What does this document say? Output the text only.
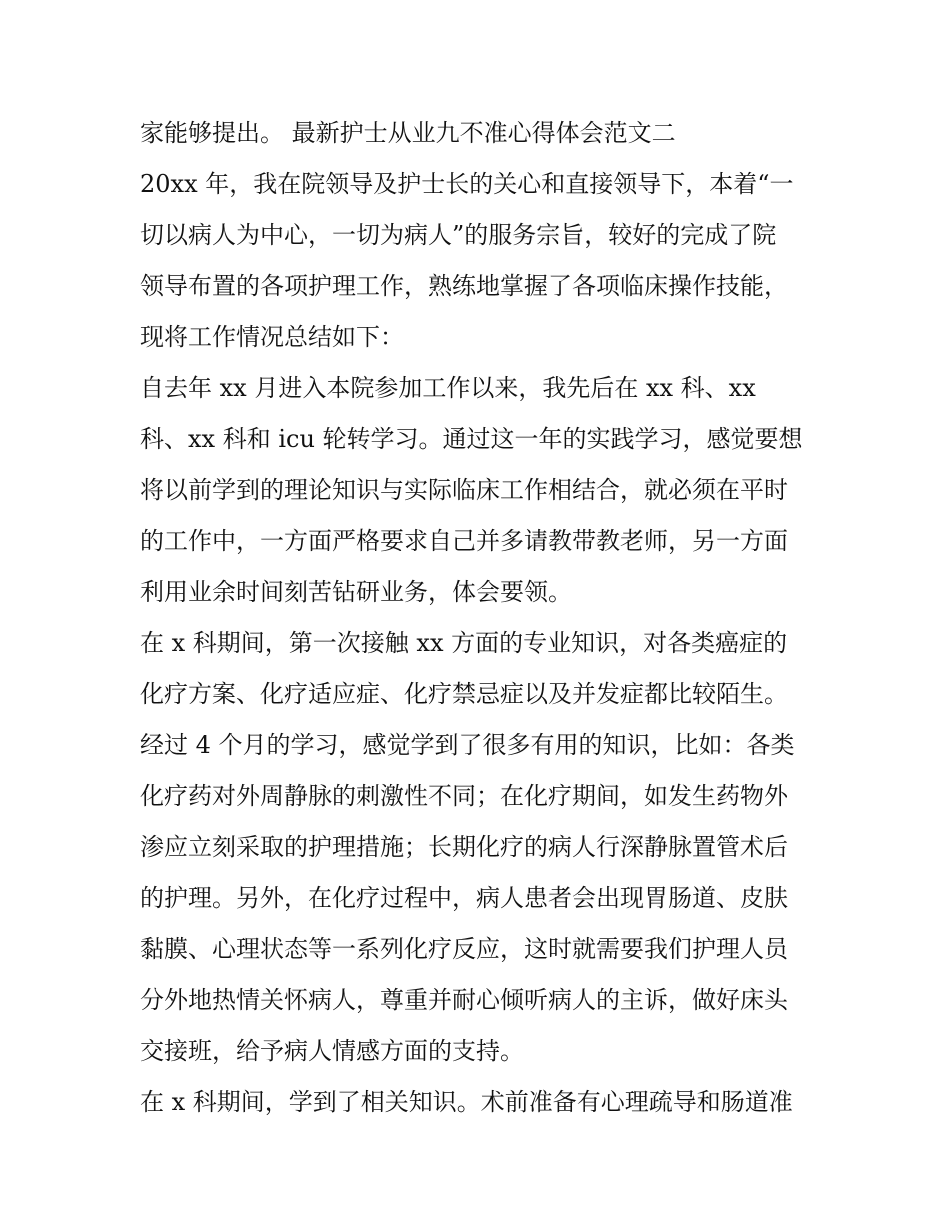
家能够提出。 最新护士从业九不准心得体会范文二
20xx 年，我在院领导及护士长的关心和直接领导下，本着“一
切以病人为中心，一切为病人”的服务宗旨，较好的完成了院
领导布置的各项护理工作，熟练地掌握了各项临床操作技能，
现将工作情况总结如下：
自去年 xx 月进入本院参加工作以来，我先后在 xx 科、xx
科、xx 科和 icu 轮转学习。通过这一年的实践学习，感觉要想
将以前学到的理论知识与实际临床工作相结合，就必须在平时
的工作中，一方面严格要求自己并多请教带教老师，另一方面
利用业余时间刻苦钻研业务，体会要领。
在 x 科期间，第一次接触 xx 方面的专业知识，对各类癌症的
化疗方案、化疗适应症、化疗禁忌症以及并发症都比较陌生。
经过 4 个月的学习，感觉学到了很多有用的知识，比如：各类
化疗药对外周静脉的刺激性不同；在化疗期间，如发生药物外
渗应立刻采取的护理措施；长期化疗的病人行深静脉置管术后
的护理。另外，在化疗过程中，病人患者会出现胃肠道、皮肤
黏膜、心理状态等一系列化疗反应，这时就需要我们护理人员
分外地热情关怀病人，尊重并耐心倾听病人的主诉，做好床头
交接班，给予病人情感方面的支持。
在 x 科期间，学到了相关知识。术前准备有心理疏导和肠道准
